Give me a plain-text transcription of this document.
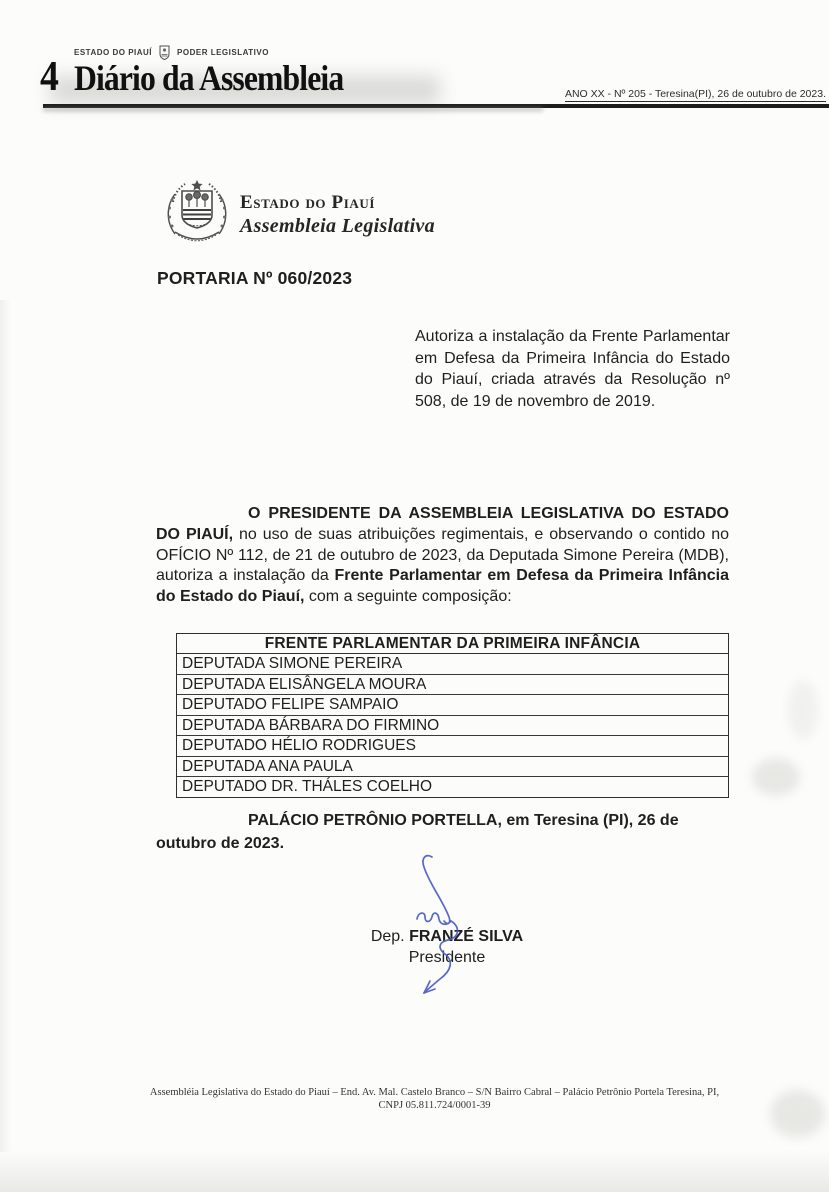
ESTADO DO PIAUÍ	PODER LEGISLATIVO
4 Diário da Assembleia	ANO XX - Nº 205 - Teresina(PI), 26 de outubro de 2023.
Estado do Piauí
Assembleia Legislativa
PORTARIA Nº 060/2023
Autoriza a instalação da Frente Parlamentar em Defesa da Primeira Infância do Estado do Piauí, criada através da Resolução nº 508, de 19 de novembro de 2019.

O PRESIDENTE DA ASSEMBLEIA LEGISLATIVA DO ESTADO DO PIAUÍ, no uso de suas atribuições regimentais, e observando o contido no OFÍCIO Nº 112, de 21 de outubro de 2023, da Deputada Simone Pereira (MDB), autoriza a instalação da Frente Parlamentar em Defesa da Primeira Infância do Estado do Piauí, com a seguinte composição:

FRENTE PARLAMENTAR DA PRIMEIRA INFÂNCIA
DEPUTADA SIMONE PEREIRA
DEPUTADA ELISÂNGELA MOURA
DEPUTADO FELIPE SAMPAIO
DEPUTADA BÁRBARA DO FIRMINO
DEPUTADO HÉLIO RODRIGUES
DEPUTADA ANA PAULA
DEPUTADO DR. THÁLES COELHO
PALÁCIO PETRÔNIO PORTELLA, em Teresina (PI), 26 de outubro de 2023.
Dep. FRANZÉ SILVA
Presidente
Assembléia Legislativa do Estado do Piauí – End. Av. Mal. Castelo Branco – S/N Bairro Cabral – Palácio Petrônio Portela Teresina, PI,
CNPJ 05.811.724/0001-39
